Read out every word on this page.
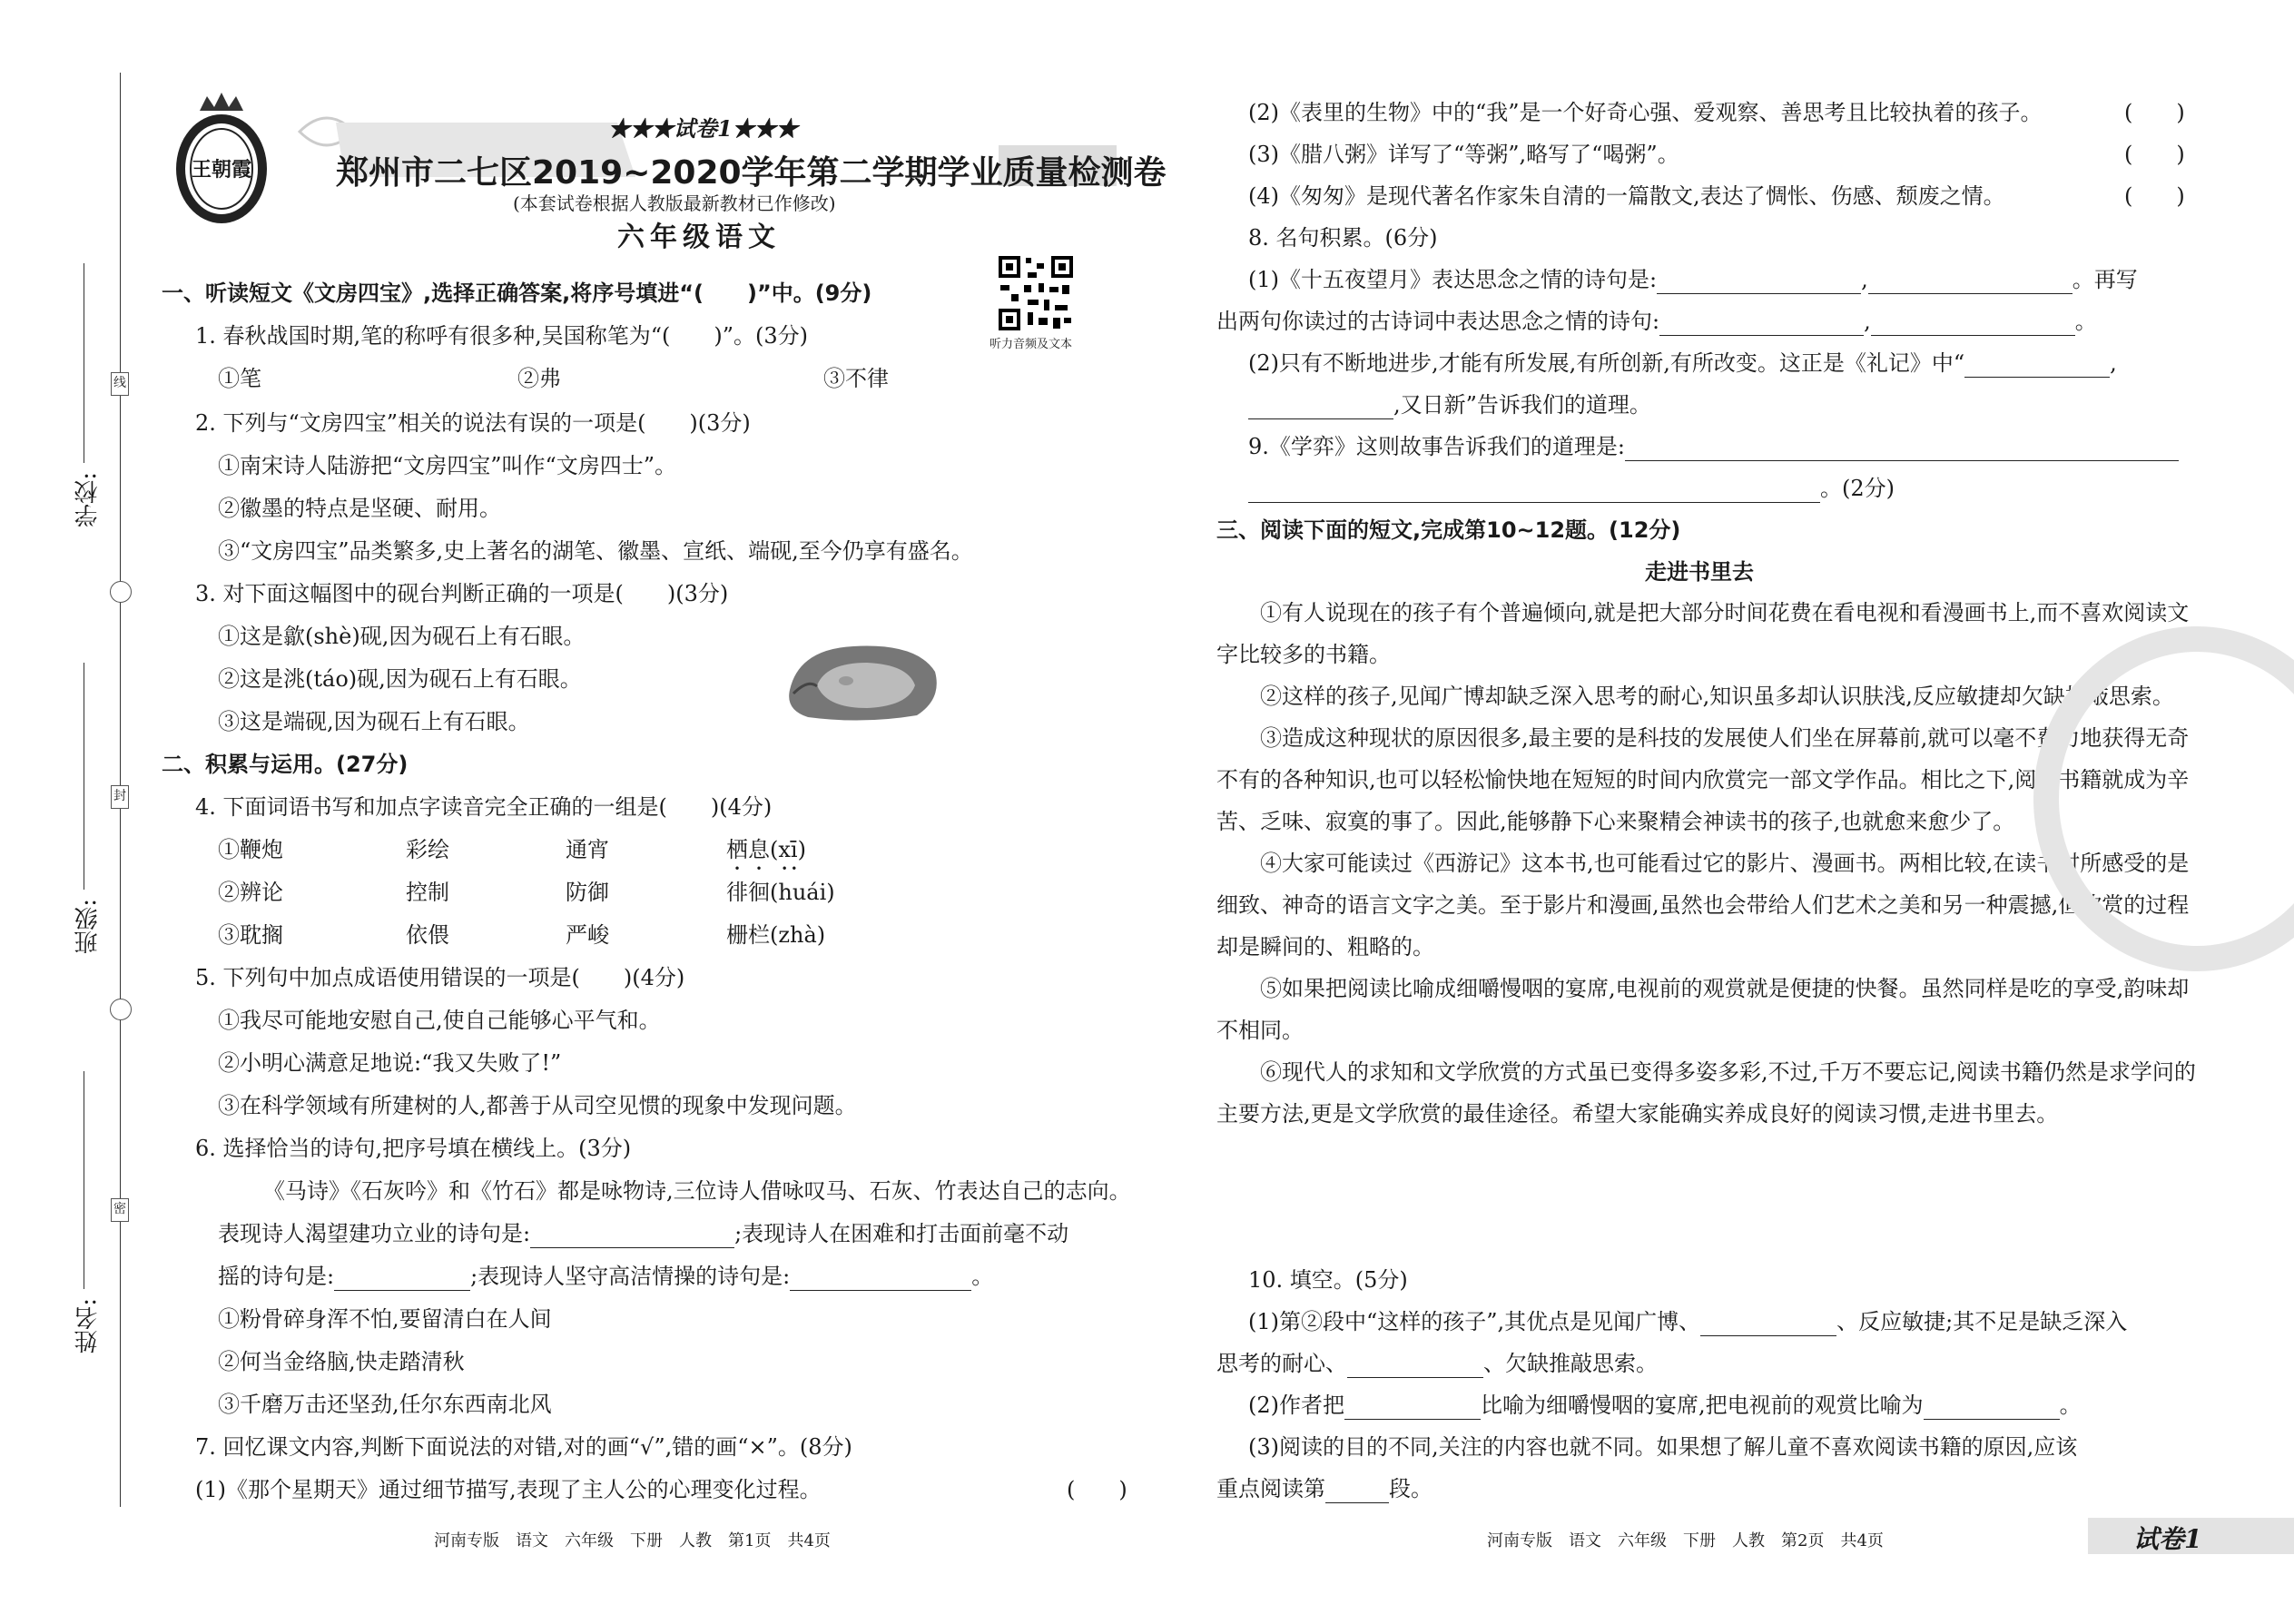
学校:
班级:
姓名:
线
封
密
王朝霞
★★★试卷1★★★
郑州市二七区2019~2020学年第二学期学业质量检测卷
(本套试卷根据人教版最新教材已作修改)
六年级语文
听力音频及文本
一、听读短文《文房四宝》,选择正确答案,将序号填进“(　　)”中。(9分)
1. 春秋战国时期,笔的称呼有很多种,吴国称笔为“(　　)”。(3分)
①笔	②弗	③不律
2. 下列与“文房四宝”相关的说法有误的一项是(　　)(3分)
①南宋诗人陆游把“文房四宝”叫作“文房四士”。
②徽墨的特点是坚硬、耐用。
③“文房四宝”品类繁多,史上著名的湖笔、徽墨、宣纸、端砚,至今仍享有盛名。
3. 对下面这幅图中的砚台判断正确的一项是(　　)(3分)
①这是歙(shè)砚,因为砚石上有石眼。
②这是洮(táo)砚,因为砚石上有石眼。
③这是端砚,因为砚石上有石眼。
二、积累与运用。(27分)
4. 下面词语书写和加点字读音完全正确的一组是(　　)(4分)
①鞭炮	彩绘	通宵	栖息(xī)
②辨论	控制	防御	徘徊(huái)
③耽搁	依偎	严峻	栅栏(zhà)
5. 下列句中加点成语使用错误的一项是(　　)(4分)
①我尽可能地安慰自己,使自己能够心平气和。
②小明心满意足地说:“我又失败了!”
③在科学领域有所建树的人,都善于从司空见惯的现象中发现问题。
6. 选择恰当的诗句,把序号填在横线上。(3分)
《马诗》《石灰吟》和《竹石》都是咏物诗,三位诗人借咏叹马、石灰、竹表达自己的志向。
表现诗人渴望建功立业的诗句是:	;表现诗人在困难和打击面前毫不动
摇的诗句是:	;表现诗人坚守高洁情操的诗句是:	。
①粉骨碎身浑不怕,要留清白在人间
②何当金络脑,快走踏清秋
③千磨万击还坚劲,任尔东西南北风
7. 回忆课文内容,判断下面说法的对错,对的画“√”,错的画“×”。(8分)
(1)《那个星期天》通过细节描写,表现了主人公的心理变化过程。	(　　)
河南专版　语文　六年级　下册　人教　第1页　共4页
(2)《表里的生物》中的“我”是一个好奇心强、爱观察、善思考且比较执着的孩子。	(　　)
(3)《腊八粥》详写了“等粥”,略写了“喝粥”。	(　　)
(4)《匆匆》是现代著名作家朱自清的一篇散文,表达了惆怅、伤感、颓废之情。	(　　)
8. 名句积累。(6分)
(1)《十五夜望月》表达思念之情的诗句是:	,	。再写
出两句你读过的古诗词中表达思念之情的诗句:	,	。
(2)只有不断地进步,才能有所发展,有所创新,有所改变。这正是《礼记》中“	,
,又日新”告诉我们的道理。
9.《学弈》这则故事告诉我们的道理是:
。(2分)
三、阅读下面的短文,完成第10~12题。(12分)
走进书里去
①有人说现在的孩子有个普遍倾向,就是把大部分时间花费在看电视和看漫画书上,而不喜欢阅读文字比较多的书籍。
②这样的孩子,见闻广博却缺乏深入思考的耐心,知识虽多却认识肤浅,反应敏捷却欠缺推敲思索。
③造成这种现状的原因很多,最主要的是科技的发展使人们坐在屏幕前,就可以毫不费力地获得无奇不有的各种知识,也可以轻松愉快地在短短的时间内欣赏完一部文学作品。相比之下,阅读书籍就成为辛苦、乏味、寂寞的事了。因此,能够静下心来聚精会神读书的孩子,也就愈来愈少了。
④大家可能读过《西游记》这本书,也可能看过它的影片、漫画书。两相比较,在读书时所感受的是细致、神奇的语言文字之美。至于影片和漫画,虽然也会带给人们艺术之美和另一种震撼,但欣赏的过程却是瞬间的、粗略的。
⑤如果把阅读比喻成细嚼慢咽的宴席,电视前的观赏就是便捷的快餐。虽然同样是吃的享受,韵味却不相同。
⑥现代人的求知和文学欣赏的方式虽已变得多姿多彩,不过,千万不要忘记,阅读书籍仍然是求学问的主要方法,更是文学欣赏的最佳途径。希望大家能确实养成良好的阅读习惯,走进书里去。
10. 填空。(5分)
(1)第②段中“这样的孩子”,其优点是见闻广博、	、反应敏捷;其不足是缺乏深入
思考的耐心、	、欠缺推敲思索。
(2)作者把	比喻为细嚼慢咽的宴席,把电视前的观赏比喻为	。
(3)阅读的目的不同,关注的内容也就不同。如果想了解儿童不喜欢阅读书籍的原因,应该
重点阅读第	段。
河南专版　语文　六年级　下册　人教　第2页　共4页	试卷1
